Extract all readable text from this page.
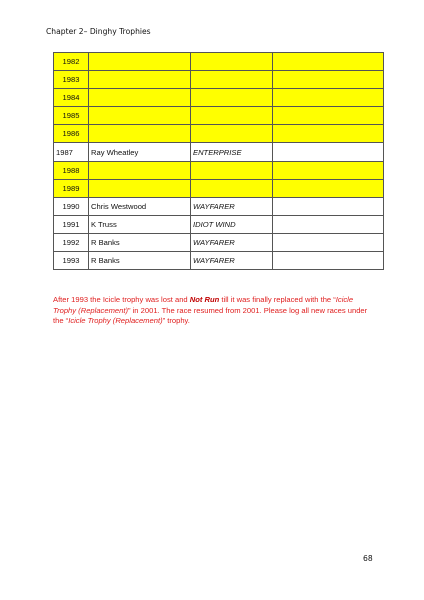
Chapter 2– Dinghy Trophies
1982			
1983			
1984			
1985			
1986			
1987	Ray Wheatley	ENTERPRISE	
1988			
1989			
1990	Chris Westwood	WAYFARER	
1991	K Truss	IDIOT WIND	
1992	R Banks	WAYFARER	
1993	R Banks	WAYFARER	
After 1993 the Icicle trophy was lost and Not Run till it was finally replaced with the “Icicle Trophy (Replacement)” in 2001. The race resumed from 2001. Please log all new races under the “Icicle Trophy (Replacement)” trophy.
68
